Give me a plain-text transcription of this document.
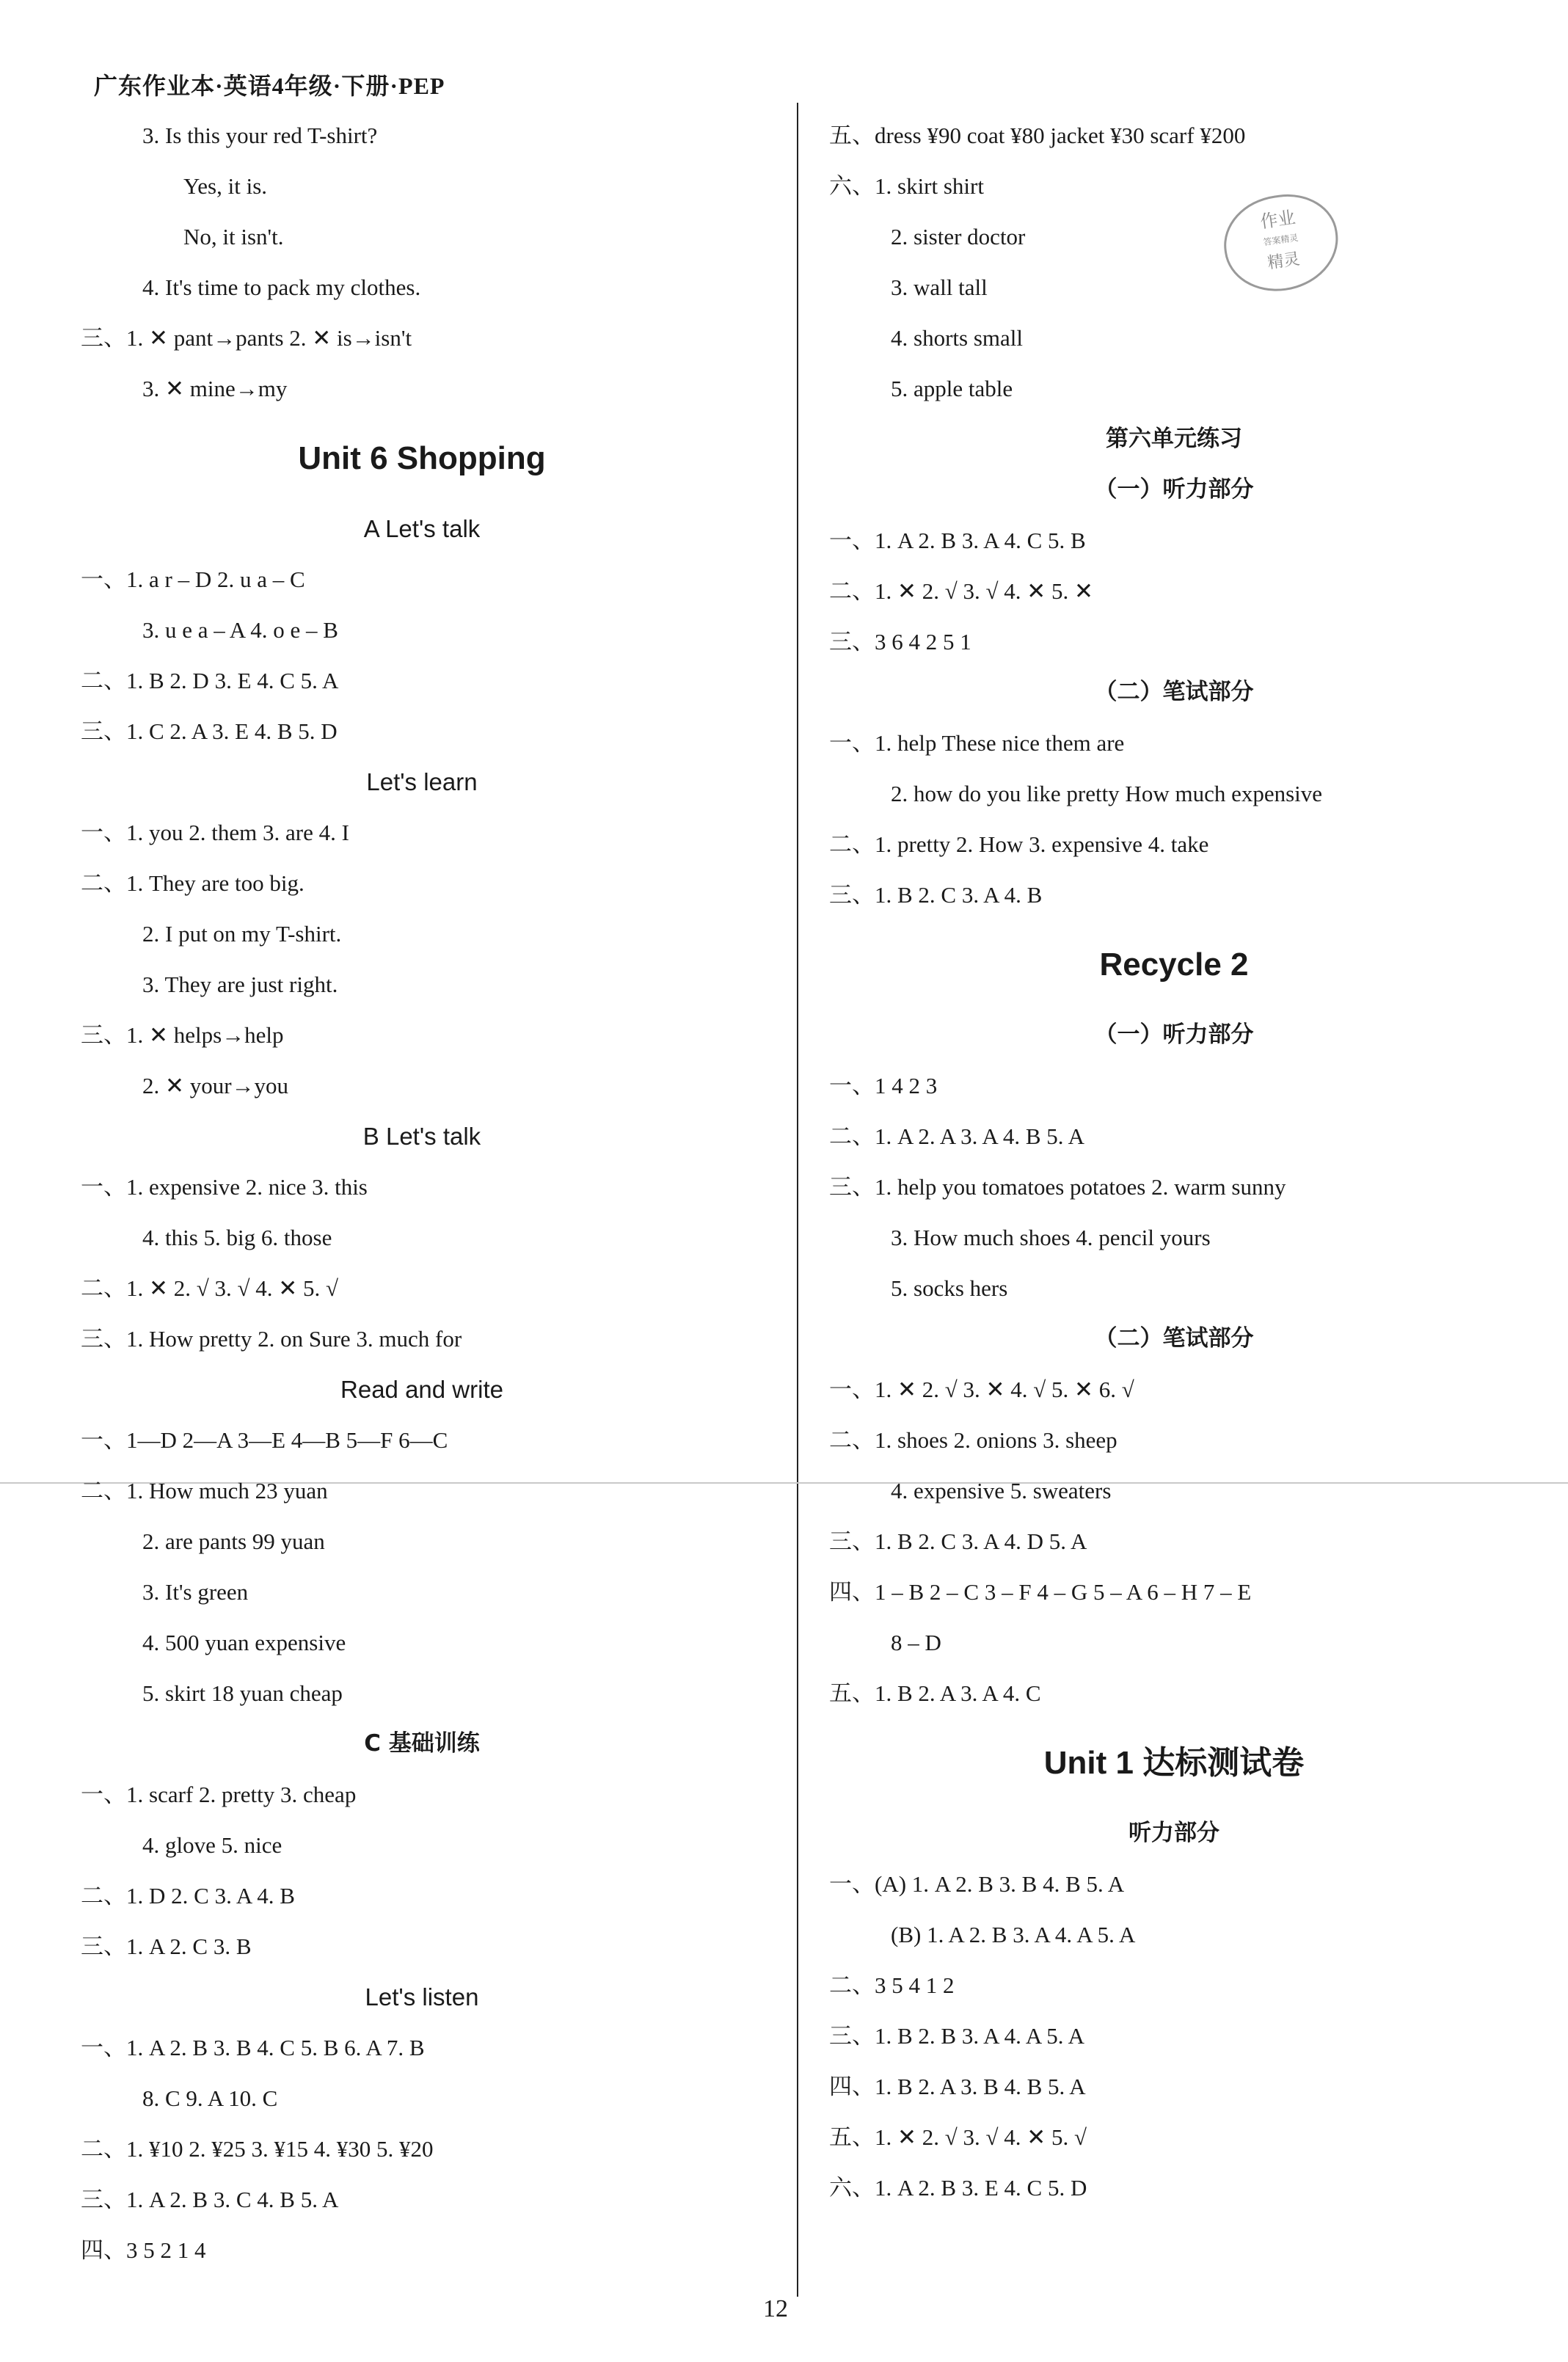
广东作业本·英语4年级·下册·PEP
3. Is this your red T-shirt?
Yes, it is.
No, it isn't.
4. It's time to pack my clothes.
三、1. ✕ pant→pants 2. ✕ is→isn't
3. ✕ mine→my
Unit 6 Shopping
A Let's talk
一、1. a r – D 2. u a – C
3. u e a – A 4. o e – B
二、1. B 2. D 3. E 4. C 5. A
三、1. C 2. A 3. E 4. B 5. D
Let's learn
一、1. you 2. them 3. are 4. I
二、1. They are too big.
2. I put on my T-shirt.
3. They are just right.
三、1. ✕ helps→help
2. ✕ your→you
B Let's talk
一、1. expensive 2. nice 3. this
4. this 5. big 6. those
二、1. ✕ 2. √ 3. √ 4. ✕ 5. √
三、1. How pretty 2. on Sure 3. much for
Read and write
一、1—D 2—A 3—E 4—B 5—F 6—C
二、1. How much 23 yuan
2. are pants 99 yuan
3. It's green
4. 500 yuan expensive
5. skirt 18 yuan cheap
C 基础训练
一、1. scarf 2. pretty 3. cheap
4. glove 5. nice
二、1. D 2. C 3. A 4. B
三、1. A 2. C 3. B
Let's listen
一、1. A 2. B 3. B 4. C 5. B 6. A 7. B
8. C 9. A 10. C
二、1. ¥10 2. ¥25 3. ¥15 4. ¥30 5. ¥20
三、1. A 2. B 3. C 4. B 5. A
四、3 5 2 1 4
五、dress ¥90 coat ¥80 jacket ¥30 scarf ¥200
六、1. skirt shirt
2. sister doctor
3. wall tall
4. shorts small
5. apple table
第六单元练习
（一）听力部分
一、1. A 2. B 3. A 4. C 5. B
二、1. ✕ 2. √ 3. √ 4. ✕ 5. ✕
三、3 6 4 2 5 1
（二）笔试部分
一、1. help These nice them are
2. how do you like pretty How much expensive
二、1. pretty 2. How 3. expensive 4. take
三、1. B 2. C 3. A 4. B
Recycle 2
（一）听力部分
一、1 4 2 3
二、1. A 2. A 3. A 4. B 5. A
三、1. help you tomatoes potatoes 2. warm sunny
3. How much shoes 4. pencil yours
5. socks hers
（二）笔试部分
一、1. ✕ 2. √ 3. ✕ 4. √ 5. ✕ 6. √
二、1. shoes 2. onions 3. sheep
4. expensive 5. sweaters
三、1. B 2. C 3. A 4. D 5. A
四、1 – B 2 – C 3 – F 4 – G 5 – A 6 – H 7 – E
8 – D
五、1. B 2. A 3. A 4. C
Unit 1 达标测试卷
听力部分
一、(A) 1. A 2. B 3. B 4. B 5. A
(B) 1. A 2. B 3. A 4. A 5. A
二、3 5 4 1 2
三、1. B 2. B 3. A 4. A 5. A
四、1. B 2. A 3. B 4. B 5. A
五、1. ✕ 2. √ 3. √ 4. ✕ 5. √
六、1. A 2. B 3. E 4. C 5. D
作业
答案精灵
精灵
12
